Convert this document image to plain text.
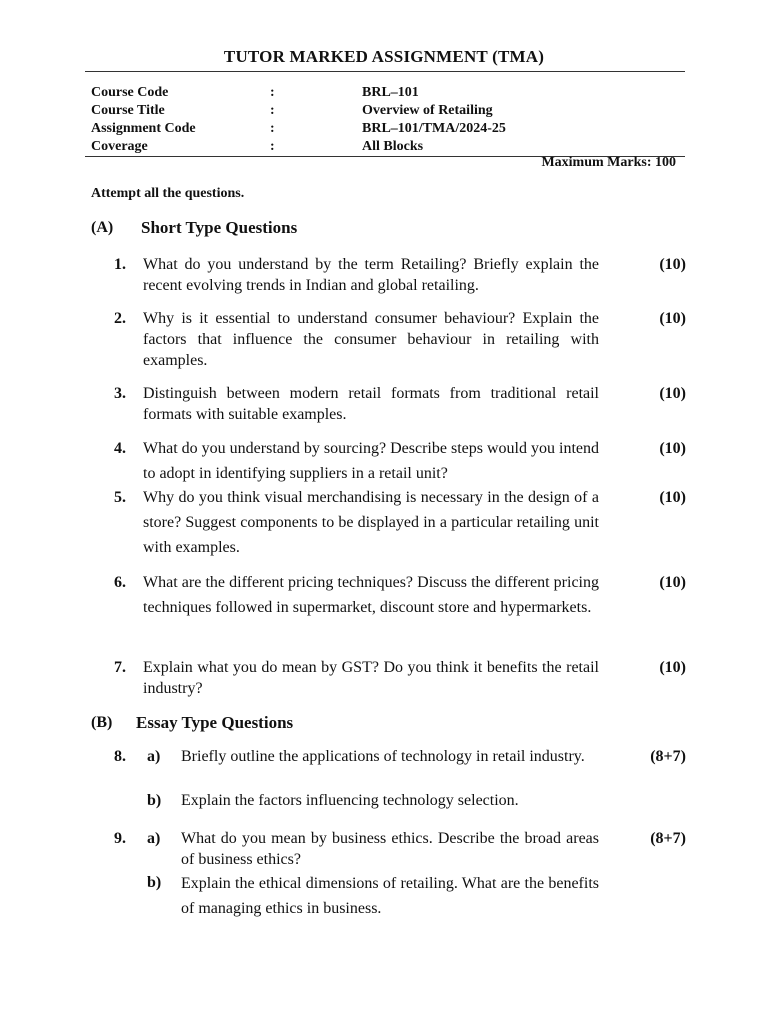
TUTOR MARKED ASSIGNMENT (TMA)
Course Code	:	BRL–101
Course Title	:	Overview of Retailing
Assignment Code	:	BRL–101/TMA/2024-25
Coverage	:	All Blocks
Maximum Marks: 100
Attempt all the questions.
(A) Short Type Questions
1. What do you understand by the term Retailing? Briefly explain the recent evolving trends in Indian and global retailing.
(10)
2. Why is it essential to understand consumer behaviour? Explain the factors that influence the consumer behaviour in retailing with examples.
(10)
3. Distinguish between modern retail formats from traditional retail formats with suitable examples.
(10)
4. What do you understand by sourcing? Describe steps would you intend to adopt in identifying suppliers in a retail unit?
(10)
5. Why do you think visual merchandising is necessary in the design of a store? Suggest components to be displayed in a particular retailing unit with examples.
(10)
6. What are the different pricing techniques? Discuss the different pricing techniques followed in supermarket, discount store and hypermarkets.
(10)
7. Explain what you do mean by GST? Do you think it benefits the retail industry?
(10)
(B) Essay Type Questions
8. a) Briefly outline the applications of technology in retail industry.
b) Explain the factors influencing technology selection.
(8+7)
9. a) What do you mean by business ethics. Describe the broad areas of business ethics?
b) Explain the ethical dimensions of retailing. What are the benefits of managing ethics in business.
(8+7)
